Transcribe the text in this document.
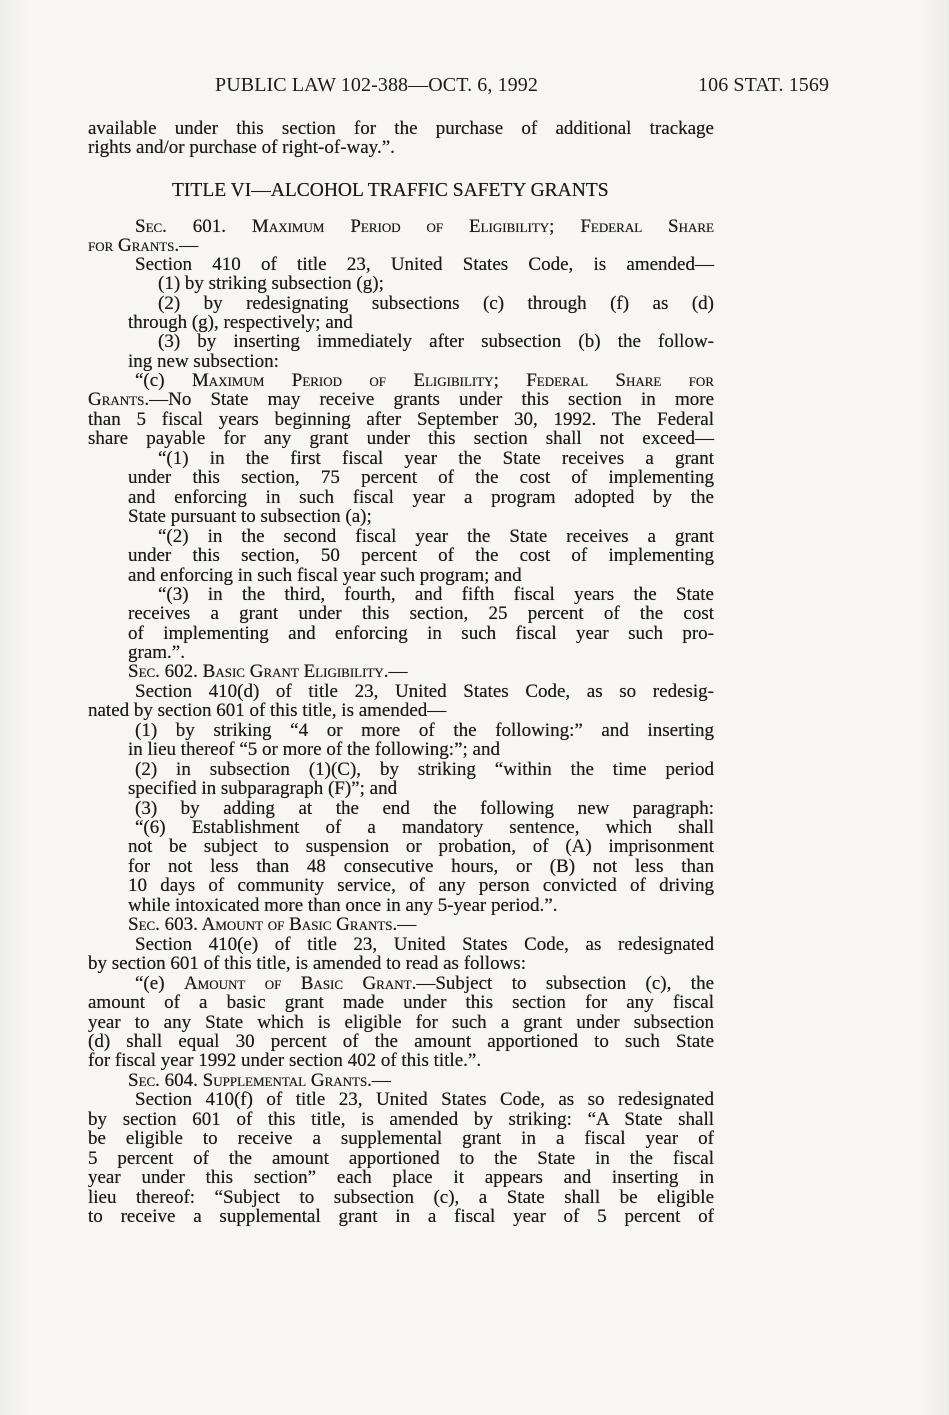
PUBLIC LAW 102-388—OCT. 6, 1992	106 STAT. 1569
available under this section for the purchase of additional trackage
rights and/or purchase of right-of-way.”.
TITLE VI—ALCOHOL TRAFFIC SAFETY GRANTS
Sec. 601. Maximum Period of Eligibility; Federal Share
for Grants.—
Section 410 of title 23, United States Code, is amended—
(1) by striking subsection (g);
(2) by redesignating subsections (c) through (f) as (d)
through (g), respectively; and
(3) by inserting immediately after subsection (b) the follow-
ing new subsection:
“(c) Maximum Period of Eligibility; Federal Share for
Grants.—No State may receive grants under this section in more
than 5 fiscal years beginning after September 30, 1992. The Federal
share payable for any grant under this section shall not exceed—
“(1) in the first fiscal year the State receives a grant
under this section, 75 percent of the cost of implementing
and enforcing in such fiscal year a program adopted by the
State pursuant to subsection (a);
“(2) in the second fiscal year the State receives a grant
under this section, 50 percent of the cost of implementing
and enforcing in such fiscal year such program; and
“(3) in the third, fourth, and fifth fiscal years the State
receives a grant under this section, 25 percent of the cost
of implementing and enforcing in such fiscal year such pro-
gram.”.
Sec. 602. Basic Grant Eligibility.—
Section 410(d) of title 23, United States Code, as so redesig-
nated by section 601 of this title, is amended—
(1) by striking “4 or more of the following:” and inserting
in lieu thereof “5 or more of the following:”; and
(2) in subsection (1)(C), by striking “within the time period
specified in subparagraph (F)”; and
(3) by adding at the end the following new paragraph:
“(6) Establishment of a mandatory sentence, which shall
not be subject to suspension or probation, of (A) imprisonment
for not less than 48 consecutive hours, or (B) not less than
10 days of community service, of any person convicted of driving
while intoxicated more than once in any 5-year period.”.
Sec. 603. Amount of Basic Grants.—
Section 410(e) of title 23, United States Code, as redesignated
by section 601 of this title, is amended to read as follows:
“(e) Amount of Basic Grant.—Subject to subsection (c), the
amount of a basic grant made under this section for any fiscal
year to any State which is eligible for such a grant under subsection
(d) shall equal 30 percent of the amount apportioned to such State
for fiscal year 1992 under section 402 of this title.”.
Sec. 604. Supplemental Grants.—
Section 410(f) of title 23, United States Code, as so redesignated
by section 601 of this title, is amended by striking: “A State shall
be eligible to receive a supplemental grant in a fiscal year of
5 percent of the amount apportioned to the State in the fiscal
year under this section” each place it appears and inserting in
lieu thereof: “Subject to subsection (c), a State shall be eligible
to receive a supplemental grant in a fiscal year of 5 percent of
